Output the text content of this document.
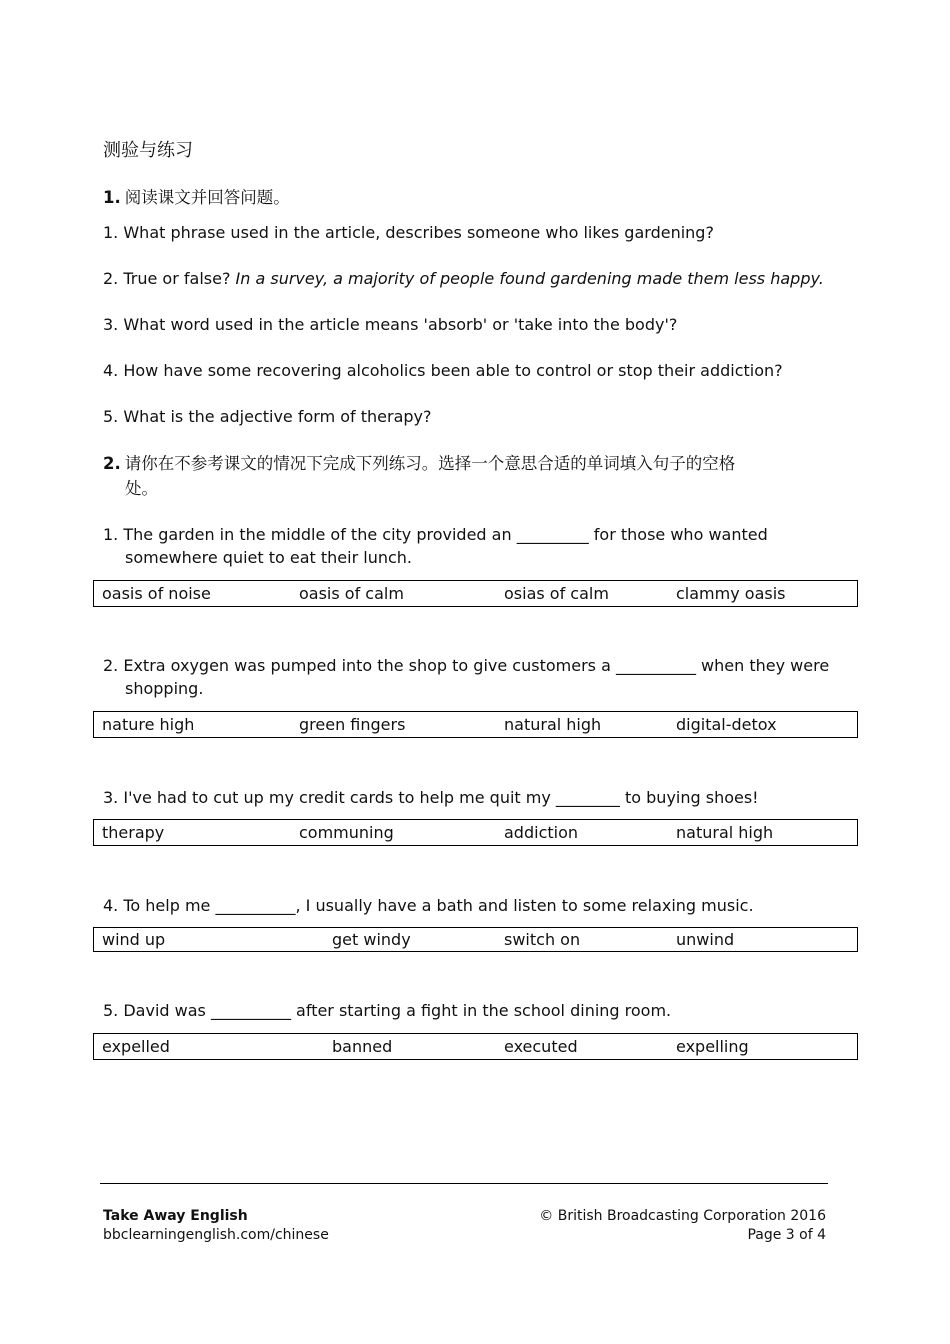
测验与练习
1. 阅读课文并回答问题。
1. What phrase used in the article, describes someone who likes gardening?
2. True or false? In a survey, a majority of people found gardening made them less happy.
3. What word used in the article means 'absorb' or 'take into the body'?
4. How have some recovering alcoholics been able to control or stop their addiction?
5. What is the adjective form of therapy?
2. 请你在不参考课文的情况下完成下列练习。选择一个意思合适的单词填入句子的空格
处。
1. The garden in the middle of the city provided an _________ for those who wanted
somewhere quiet to eat their lunch.
oasis of noise	oasis of calm	osias of calm	clammy oasis
2. Extra oxygen was pumped into the shop to give customers a __________ when they were
shopping.
nature high	green fingers	natural high	digital-detox
3. I've had to cut up my credit cards to help me quit my ________ to buying shoes!
therapy	communing	addiction	natural high
4. To help me __________, I usually have a bath and listen to some relaxing music.
wind up	get windy	switch on	unwind
5. David was __________ after starting a fight in the school dining room.
expelled	banned	executed	expelling
Take Away English
bbclearningenglish.com/chinese
© British Broadcasting Corporation 2016
Page 3 of 4
